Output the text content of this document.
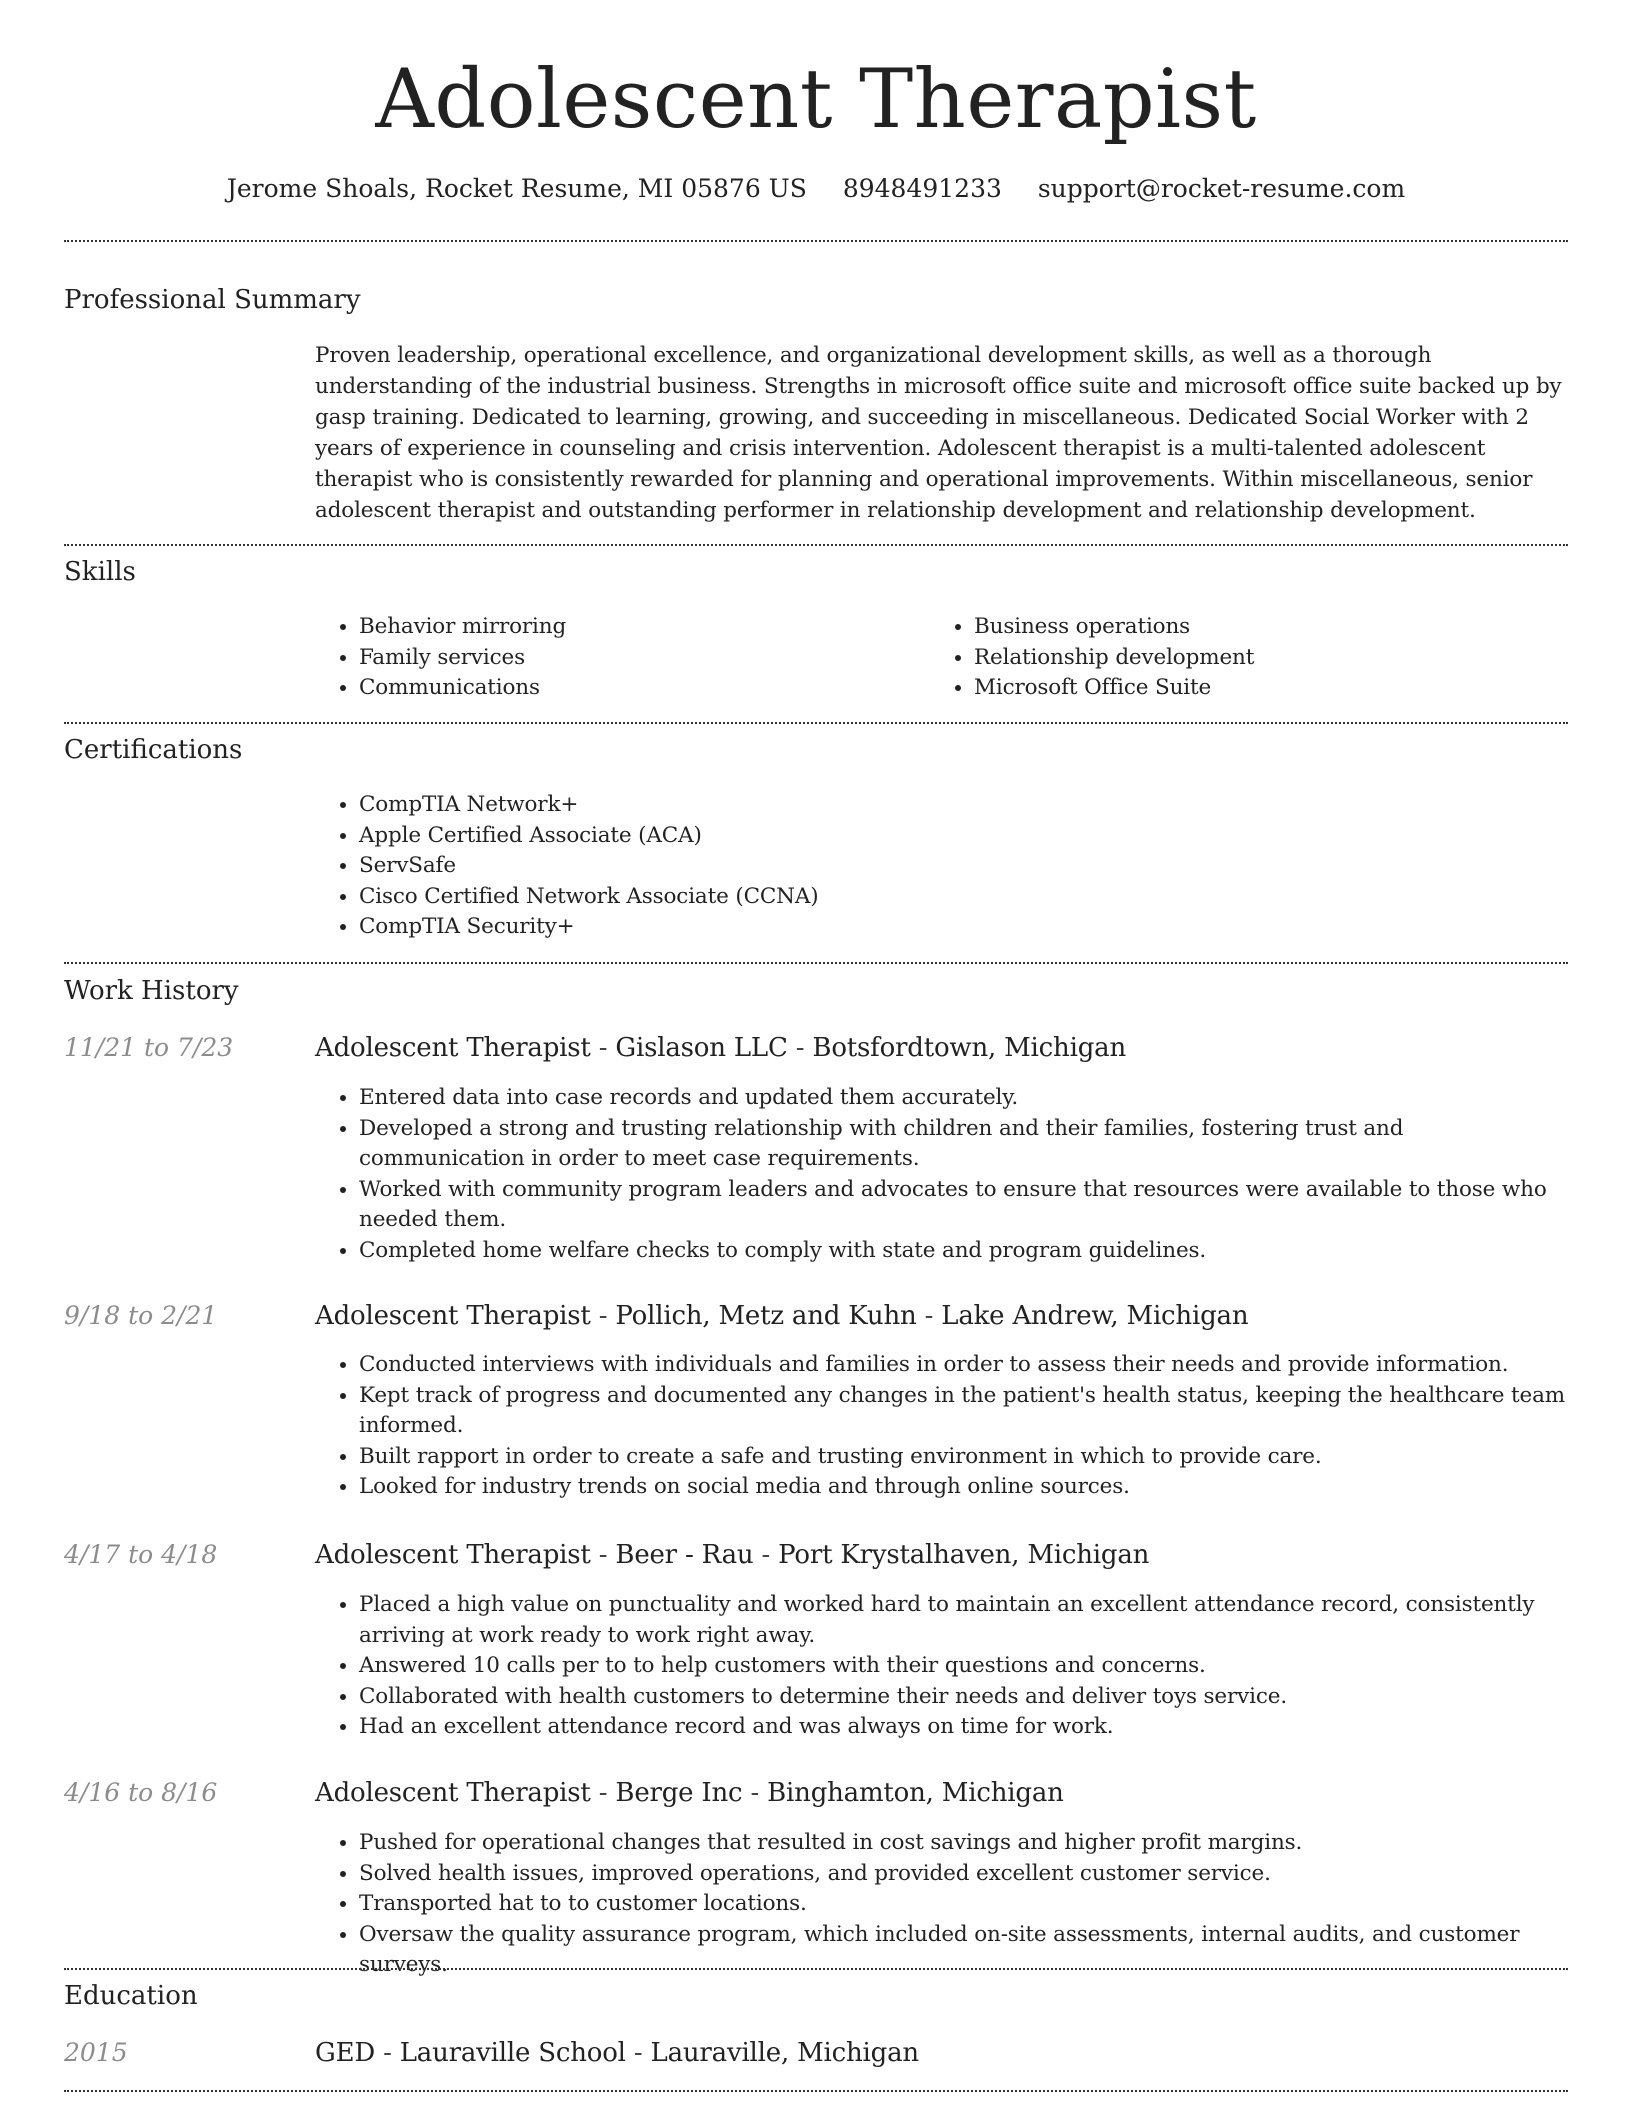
Adolescent Therapist
Jerome Shoals, Rocket Resume, MI 05876 US 8948491233 support@rocket-resume.com
Professional Summary

Proven leadership, operational excellence, and organizational development skills, as well as a thorough understanding of the industrial business. Strengths in microsoft office suite and microsoft office suite backed up by gasp training. Dedicated to learning, growing, and succeeding in miscellaneous. Dedicated Social Worker with 2 years of experience in counseling and crisis intervention. Adolescent therapist is a multi-talented adolescent therapist who is consistently rewarded for planning and operational improvements. Within miscellaneous, senior adolescent therapist and outstanding performer in relationship development and relationship development.

Skills
• Behavior mirroring
• Family services
• Communications
• Business operations
• Relationship development
• Microsoft Office Suite
Certifications
• CompTIA Network+
• Apple Certified Associate (ACA)
• ServSafe
• Cisco Certified Network Associate (CCNA)
• CompTIA Security+
Work History
11/21 to 7/23	Adolescent Therapist - Gislason LLC - Botsfordtown, Michigan
• Entered data into case records and updated them accurately.
• Developed a strong and trusting relationship with children and their families, fostering trust and communication in order to meet case requirements.
• Worked with community program leaders and advocates to ensure that resources were available to those who needed them.
• Completed home welfare checks to comply with state and program guidelines.
9/18 to 2/21	Adolescent Therapist - Pollich, Metz and Kuhn - Lake Andrew, Michigan
• Conducted interviews with individuals and families in order to assess their needs and provide information.
• Kept track of progress and documented any changes in the patient's health status, keeping the healthcare team informed.
• Built rapport in order to create a safe and trusting environment in which to provide care.
• Looked for industry trends on social media and through online sources.
4/17 to 4/18	Adolescent Therapist - Beer - Rau - Port Krystalhaven, Michigan
• Placed a high value on punctuality and worked hard to maintain an excellent attendance record, consistently arriving at work ready to work right away.
• Answered 10 calls per to to help customers with their questions and concerns.
• Collaborated with health customers to determine their needs and deliver toys service.
• Had an excellent attendance record and was always on time for work.
4/16 to 8/16	Adolescent Therapist - Berge Inc - Binghamton, Michigan
• Pushed for operational changes that resulted in cost savings and higher profit margins.
• Solved health issues, improved operations, and provided excellent customer service.
• Transported hat to to customer locations.
• Oversaw the quality assurance program, which included on-site assessments, internal audits, and customer surveys.
Education
2015	GED - Lauraville School - Lauraville, Michigan
